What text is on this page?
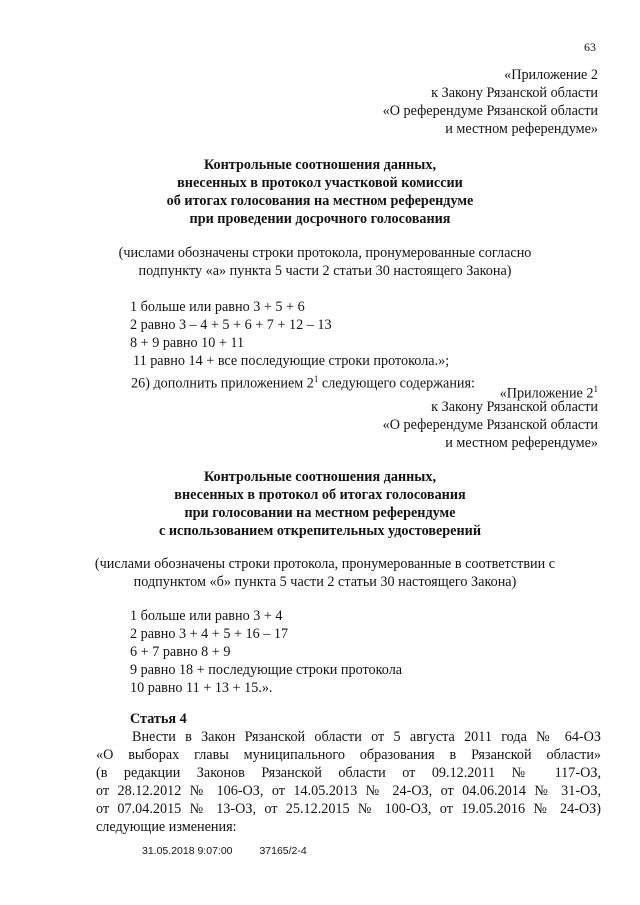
63
«Приложение 2
к Закону Рязанской области
«О референдуме Рязанской области
и местном референдуме»
Контрольные соотношения данных,
внесенных в протокол участковой комиссии
об итогах голосования на местном референдуме
при проведении досрочного голосования
(числами обозначены строки протокола, пронумерованные согласно
подпункту «а» пункта 5 части 2 статьи 30 настоящего Закона)
1 больше или равно 3 + 5 + 6
2 равно 3 – 4 + 5 + 6 + 7 + 12 – 13
8 + 9 равно 10 + 11
11 равно 14 + все последующие строки протокола.»;
26) дополнить приложением $2^1$ следующего содержания:
«Приложение $2^1$
к Закону Рязанской области
«О референдуме Рязанской области
и местном референдуме»
Контрольные соотношения данных,
внесенных в протокол об итогах голосования
при голосовании на местном референдуме
с использованием открепительных удостоверений
(числами обозначены строки протокола, пронумерованные в соответствии с
подпунктом «б» пункта 5 части 2 статьи 30 настоящего Закона)
1 больше или равно 3 + 4
2 равно 3 + 4 + 5 + 16 – 17
6 + 7 равно 8 + 9
9 равно 18 + последующие строки протокола
10 равно 11 + 13 + 15.».
Статья 4
Внести в Закон Рязанской области от 5 августа 2011 года № 64-ОЗ
«О выборах главы муниципального образования в Рязанской области»
(в редакции Законов Рязанской области от 09.12.2011 № 117-ОЗ,
от 28.12.2012 № 106-ОЗ, от 14.05.2013 № 24-ОЗ, от 04.06.2014 № 31-ОЗ,
от 07.04.2015 № 13-ОЗ, от 25.12.2015 № 100-ОЗ, от 19.05.2016 № 24-ОЗ)
следующие изменения:
31.05.2018 9:07:00	37165/2-4
